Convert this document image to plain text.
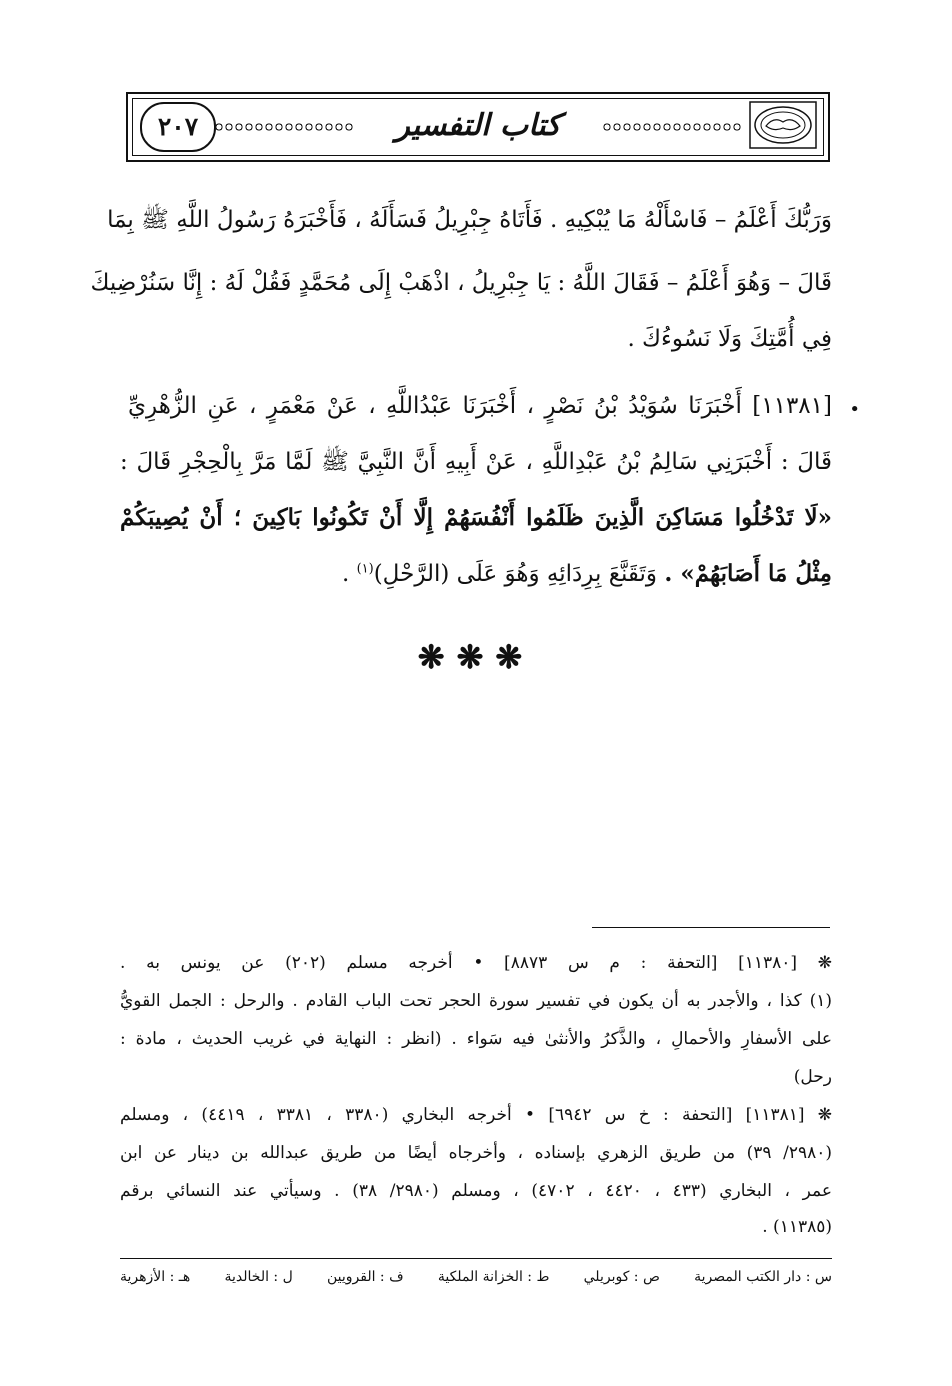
٢٠٧	كتاب التفسير
وَرَبُّكَ أَعْلَمُ – فَاسْأَلْهُ مَا يُبْكِيهِ . فَأَتَاهُ جِبْرِيلُ فَسَأَلَهُ ، فَأَخْبَرَهُ رَسُولُ اللَّهِ ﷺ بِمَا
قَالَ – وَهُوَ أَعْلَمُ – فَقَالَ اللَّهُ : يَا جِبْرِيلُ ، اذْهَبْ إِلَى مُحَمَّدٍ فَقُلْ لَهُ : إِنَّا سَنُرْضِيكَ
فِي أُمَّتِكَ وَلَا نَسُوءُكَ .
•
[١١٣٨١] أَخْبَرَنَا سُوَيْدُ بْنُ نَصْرٍ ، أَخْبَرَنَا عَبْدُاللَّهِ ، عَنْ مَعْمَرٍ ، عَنِ الزُّهْرِيِّ
قَالَ : أَخْبَرَنِي سَالِمُ بْنُ عَبْدِاللَّهِ ، عَنْ أَبِيهِ أَنَّ النَّبِيَّ ﷺ لَمَّا مَرَّ بِالْحِجْرِ قَالَ :
«لَا تَدْخُلُوا مَسَاكِنَ الَّذِينَ ظَلَمُوا أَنْفُسَهُمْ إِلَّا أَنْ تَكُونُوا بَاكِينَ ؛ أَنْ يُصِيبَكُمْ
مِثْلُ مَا أَصَابَهُمْ» . وَتَقَنَّعَ بِرِدَائِهِ وَهُوَ عَلَى (الرَّحْلِ)$^{(١)}$ .
❋❋❋
❋ [١١٣٨٠] [التحفة : م س ٨٨٧٣] • أخرجه مسلم (٢٠٢) عن يونس به .
(١) كذا ، والأجدر به أن يكون في تفسير سورة الحجر تحت الباب القادم . والرحل : الجمل القويُّ
على الأسفارِ والأحمالِ ، والذَّكرُ والأنثىٰ فيه سَواء . (انظر : النهاية في غريب الحديث ، مادة :
رحل)
❋ [١١٣٨١] [التحفة : خ س ٦٩٤٢] • أخرجه البخاري (٣٣٨٠ ، ٣٣٨١ ، ٤٤١٩) ، ومسلم
(٢٩٨٠/ ٣٩) من طريق الزهري بإسناده ، وأخرجاه أيضًا من طريق عبدالله بن دينار عن ابن
عمر ، البخاري (٤٣٣ ، ٤٤٢٠ ، ٤٧٠٢) ، ومسلم (٢٩٨٠/ ٣٨) . وسيأتي عند النسائي برقم
(١١٣٨٥) .
س : دار الكتب المصرية
ص : كوبريلي
ط : الخزانة الملكية
ف : القرويين
ل : الخالدية
هـ : الأزهرية
